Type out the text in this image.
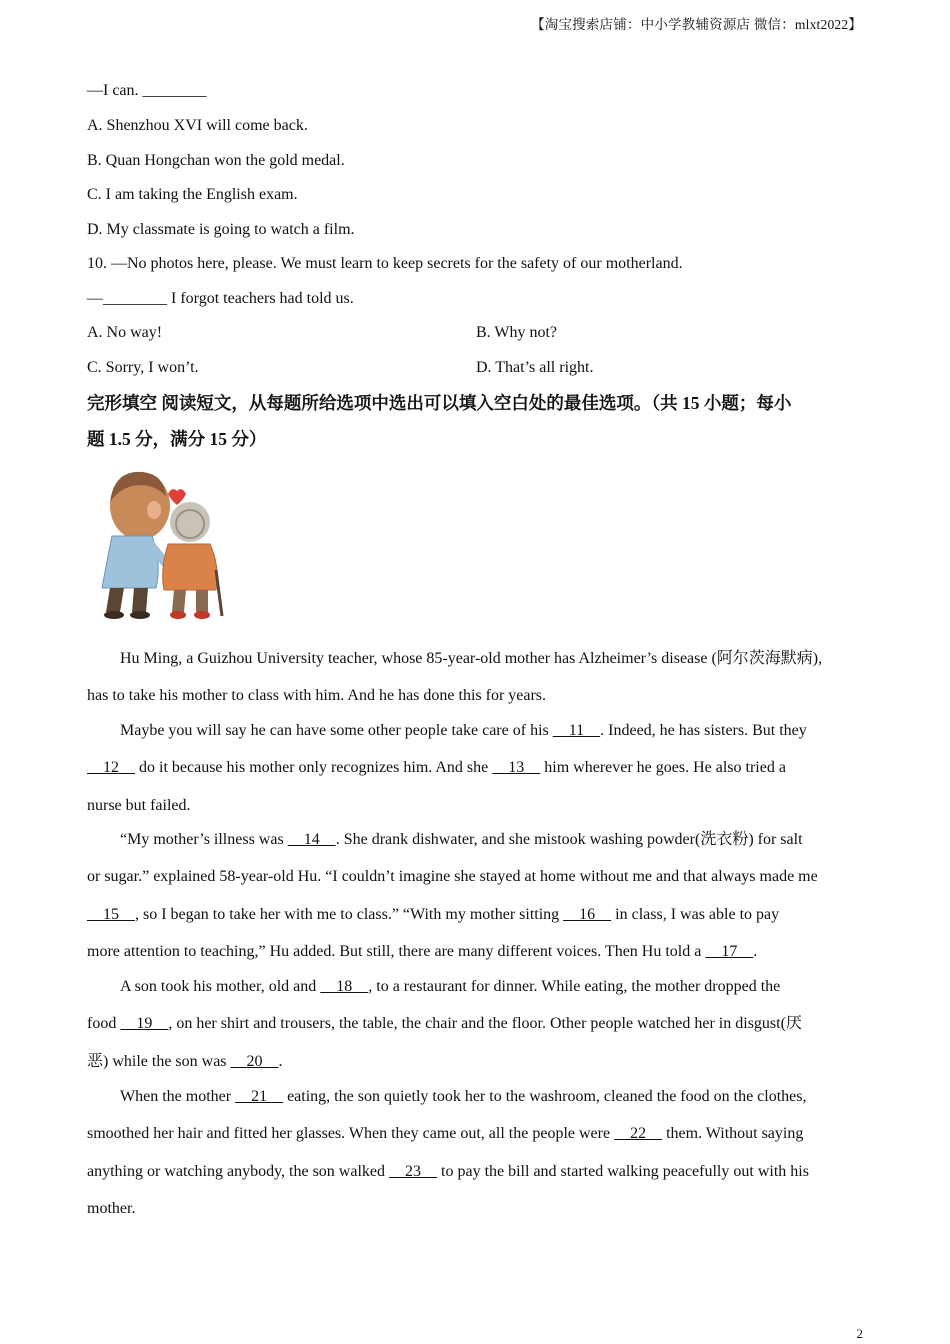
【淘宝搜索店铺：中小学教辅资源店 微信：mlxt2022】
—I can. ________
A. Shenzhou XVI will come back.
B. Quan Hongchan won the gold medal.
C. I am taking the English exam.
D. My classmate is going to watch a film.
10. —No photos here, please. We must learn to keep secrets for the safety of our motherland.
—________ I forgot teachers had told us.
A. No way!	B. Why not?
C. Sorry, I won’t.	D. That’s all right.
完形填空 阅读短文，从每题所给选项中选出可以填入空白处的最佳选项。（共 15 小题；每小
题 1.5 分，满分 15 分）
Hu Ming, a Guizhou University teacher, whose 85-year-old mother has Alzheimer’s disease (阿尔茨海默病),
has to take his mother to class with him. And he has done this for years.
Maybe you will say he can have some other people take care of his     11    . Indeed, he has sisters. But they
12     do it because his mother only recognizes him. And she     13     him wherever he goes. He also tried a
nurse but failed.
“My mother’s illness was     14    . She drank dishwater, and she mistook washing powder(洗衣粉) for salt
or sugar.” explained 58-year-old Hu. “I couldn’t imagine she stayed at home without me and that always made me
15    , so I began to take her with me to class.” “With my mother sitting     16     in class, I was able to pay
more attention to teaching,” Hu added. But still, there are many different voices. Then Hu told a     17    .
A son took his mother, old and     18    , to a restaurant for dinner. While eating, the mother dropped the
food     19    , on her shirt and trousers, the table, the chair and the floor. Other people watched her in disgust(厌
恶) while the son was     20    .
When the mother     21     eating, the son quietly took her to the washroom, cleaned the food on the clothes,
smoothed her hair and fitted her glasses. When they came out, all the people were     22     them. Without saying
anything or watching anybody, the son walked     23     to pay the bill and started walking peacefully out with his
mother.
2
